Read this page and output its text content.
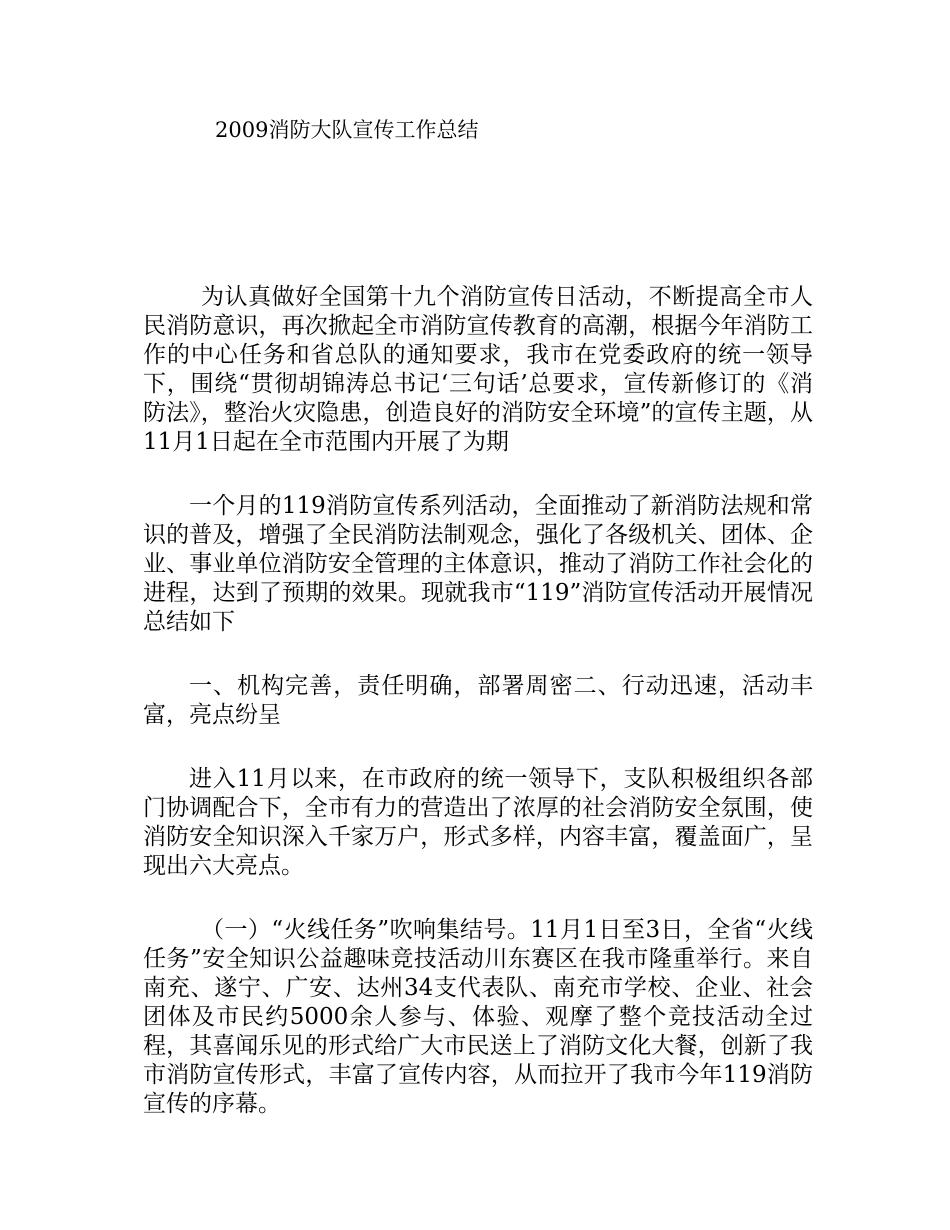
2009消防大队宣传工作总结

为认真做好全国第十九个消防宣传日活动，不断提高全市人民消防意识，再次掀起全市消防宣传教育的高潮，根据今年消防工作的中心任务和省总队的通知要求，我市在党委政府的统一领导下，围绕“贯彻胡锦涛总书记‘三句话’总要求，宣传新修订的《消防法》，整治火灾隐患，创造良好的消防安全环境”的宣传主题，从11月1日起在全市范围内开展了为期

一个月的119消防宣传系列活动，全面推动了新消防法规和常识的普及，增强了全民消防法制观念，强化了各级机关、团体、企业、事业单位消防安全管理的主体意识，推动了消防工作社会化的进程，达到了预期的效果。现就我市“119”消防宣传活动开展情况总结如下

一、机构完善，责任明确，部署周密二、行动迅速，活动丰富，亮点纷呈

进入11月以来，在市政府的统一领导下，支队积极组织各部门协调配合下，全市有力的营造出了浓厚的社会消防安全氛围，使消防安全知识深入千家万户，形式多样，内容丰富，覆盖面广，呈现出六大亮点。

（一）“火线任务”吹响集结号。11月1日至3日，全省“火线任务”安全知识公益趣味竞技活动川东赛区在我市隆重举行。来自南充、遂宁、广安、达州34支代表队、南充市学校、企业、社会团体及市民约5000余人参与、体验、观摩了整个竞技活动全过程，其喜闻乐见的形式给广大市民送上了消防文化大餐，创新了我市消防宣传形式，丰富了宣传内容，从而拉开了我市今年119消防宣传的序幕。
